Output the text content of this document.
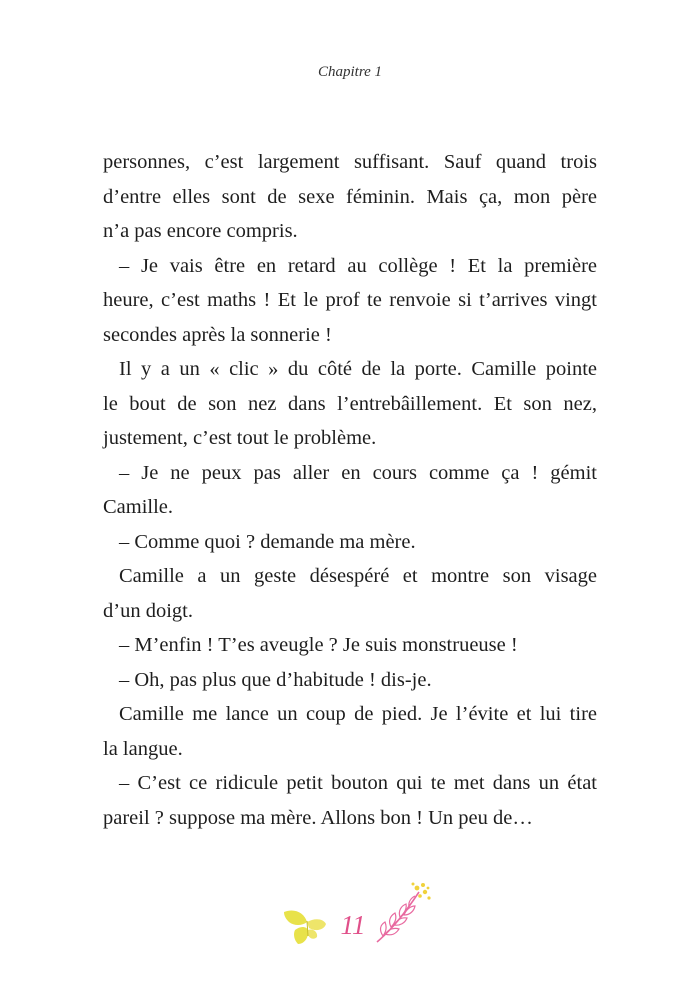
Chapitre 1
personnes, c’est largement suffisant. Sauf quand trois
d’entre elles sont de sexe féminin. Mais ça, mon père
n’a pas encore compris.
– Je vais être en retard au collège ! Et la première
heure, c’est maths ! Et le prof te renvoie si t’arrives vingt
secondes après la sonnerie !
Il y a un « clic » du côté de la porte. Camille pointe
le bout de son nez dans l’entrebâillement. Et son nez,
justement, c’est tout le problème.
– Je ne peux pas aller en cours comme ça ! gémit
Camille.
– Comme quoi ? demande ma mère.
Camille a un geste désespéré et montre son visage
d’un doigt.
– M’enfin ! T’es aveugle ? Je suis monstrueuse !
– Oh, pas plus que d’habitude ! dis-je.
Camille me lance un coup de pied. Je l’évite et lui tire
la langue.
– C’est ce ridicule petit bouton qui te met dans un état
pareil ? suppose ma mère. Allons bon ! Un peu de…
11
